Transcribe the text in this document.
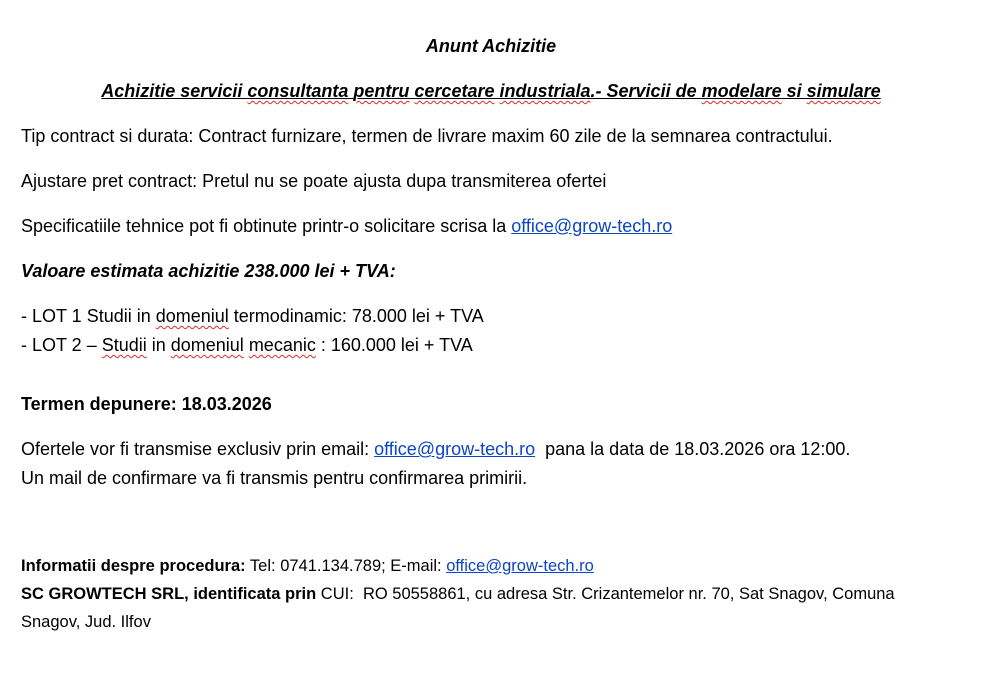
Anunt Achizitie
Achizitie servicii consultanta pentru cercetare industriala.- Servicii de modelare si simulare
Tip contract si durata: Contract furnizare, termen de livrare maxim 60 zile de la semnarea contractului.
Ajustare pret contract: Pretul nu se poate ajusta dupa transmiterea ofertei
Specificatiile tehnice pot fi obtinute printr-o solicitare scrisa la office@grow-tech.ro
Valoare estimata achizitie 238.000 lei + TVA:
- LOT 1 Studii in domeniul termodinamic: 78.000 lei + TVA
- LOT 2 – Studii in domeniul mecanic : 160.000 lei + TVA
Termen depunere: 18.03.2026
Ofertele vor fi transmise exclusiv prin email: office@grow-tech.ro  pana la data de 18.03.2026 ora 12:00.
Un mail de confirmare va fi transmis pentru confirmarea primirii.
Informatii despre procedura: Tel: 0741.134.789; E-mail: office@grow-tech.ro
SC GROWTECH SRL, identificata prin CUI:  RO 50558861, cu adresa Str. Crizantemelor nr. 70, Sat Snagov, Comuna
Snagov, Jud. Ilfov
